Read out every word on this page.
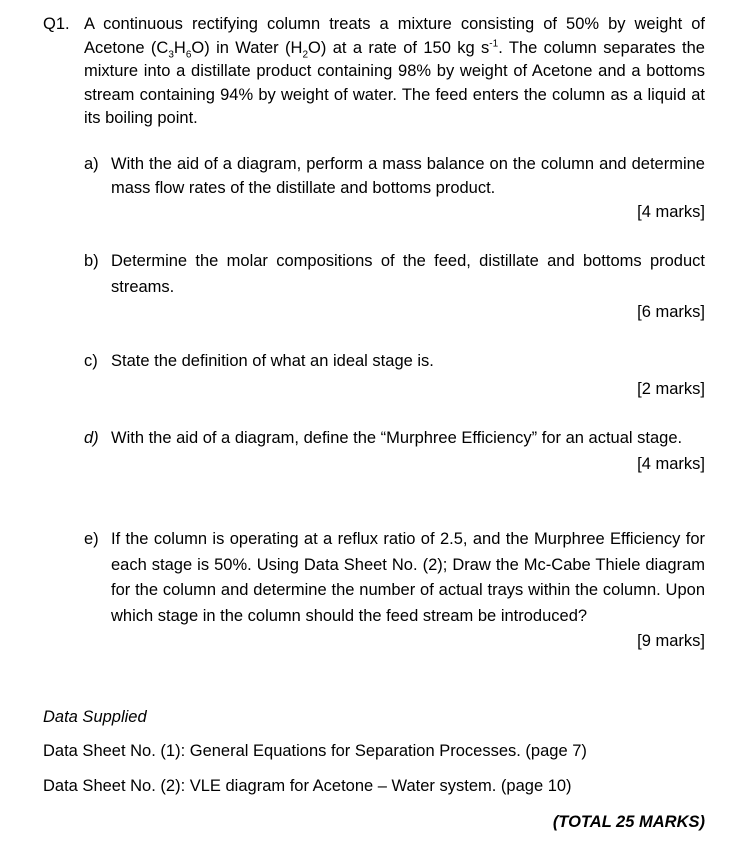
Q1. A continuous rectifying column treats a mixture consisting of 50% by weight of Acetone $(C_3H_6O)$ in Water $(H_2O)$ at a rate of 150 kg $s^{-1}$. The column separates the mixture into a distillate product containing 98% by weight of Acetone and a bottoms stream containing 94% by weight of water. The feed enters the column as a liquid at its boiling point.
a) With the aid of a diagram, perform a mass balance on the column and determine mass flow rates of the distillate and bottoms product.
[4 marks]
b) Determine the molar compositions of the feed, distillate and bottoms product streams.
[6 marks]
c) State the definition of what an ideal stage is.
[2 marks]
d) With the aid of a diagram, define the “Murphree Efficiency” for an actual stage.
[4 marks]
e) If the column is operating at a reflux ratio of 2.5, and the Murphree Efficiency for each stage is 50%. Using Data Sheet No. (2); Draw the Mc-Cabe Thiele diagram for the column and determine the number of actual trays within the column. Upon which stage in the column should the feed stream be introduced?
[9 marks]
Data Supplied
Data Sheet No. (1): General Equations for Separation Processes. (page 7)
Data Sheet No. (2): VLE diagram for Acetone – Water system. (page 10)
(TOTAL 25 MARKS)
